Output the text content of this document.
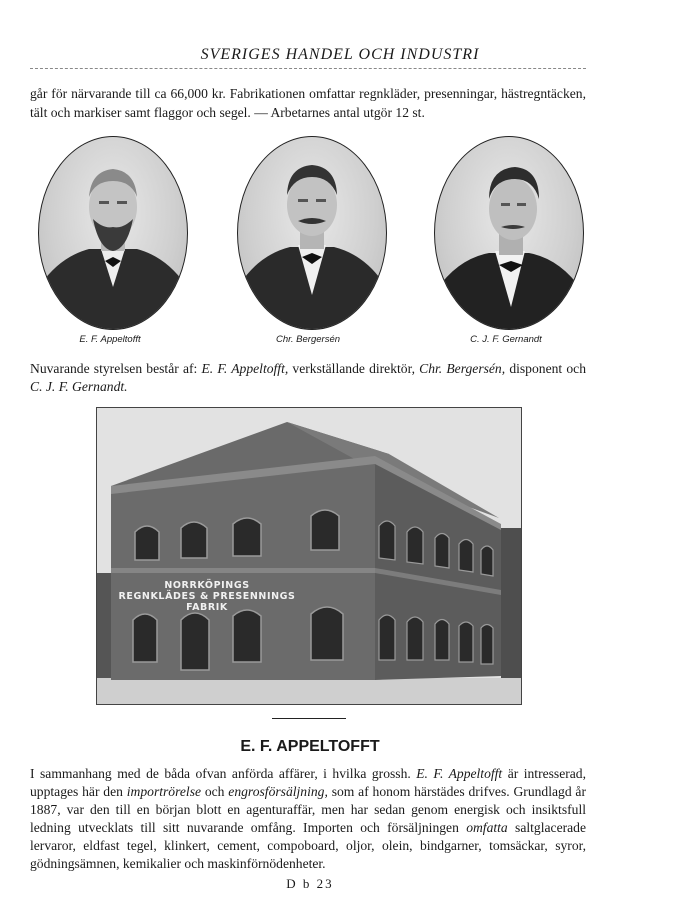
SVERIGES HANDEL OCH INDUSTRI

går för närvarande till ca 66,000 kr. Fabrikationen omfattar regnkläder, presenningar, hästregntäcken, tält och markiser samt flaggor och segel. — Arbetarnes antal utgör 12 st.

E. F. Appeltofft	Chr. Bergersén	C. J. F. Gernandt

Nuvarande styrelsen består af: E. F. Appeltofft, verkställande direktör, Chr. Bergersén, disponent och C. J. F. Gernandt.

NORRKÖPINGS
REGNKLÄDES & PRESENNINGS FABRIK
E. F. APPELTOFFT

I sammanhang med de båda ofvan anförda affärer, i hvilka grossh. E. F. Appeltofft är intresserad, upptages här den importrörelse och engrosförsäljning, som af honom härstädes drifves. Grundlagd år 1887, var den till en början blott en agenturaffär, men har sedan genom energisk och insiktsfull ledning utvecklats till sitt nuvarande omfång. Importen och försäljningen omfatta saltglacerade lervaror, eldfast tegel, klinkert, cement, compoboard, oljor, olein, bindgarner, tomsäckar, syror, gödningsämnen, kemikalier och maskinförnödenheter.

D b 23
